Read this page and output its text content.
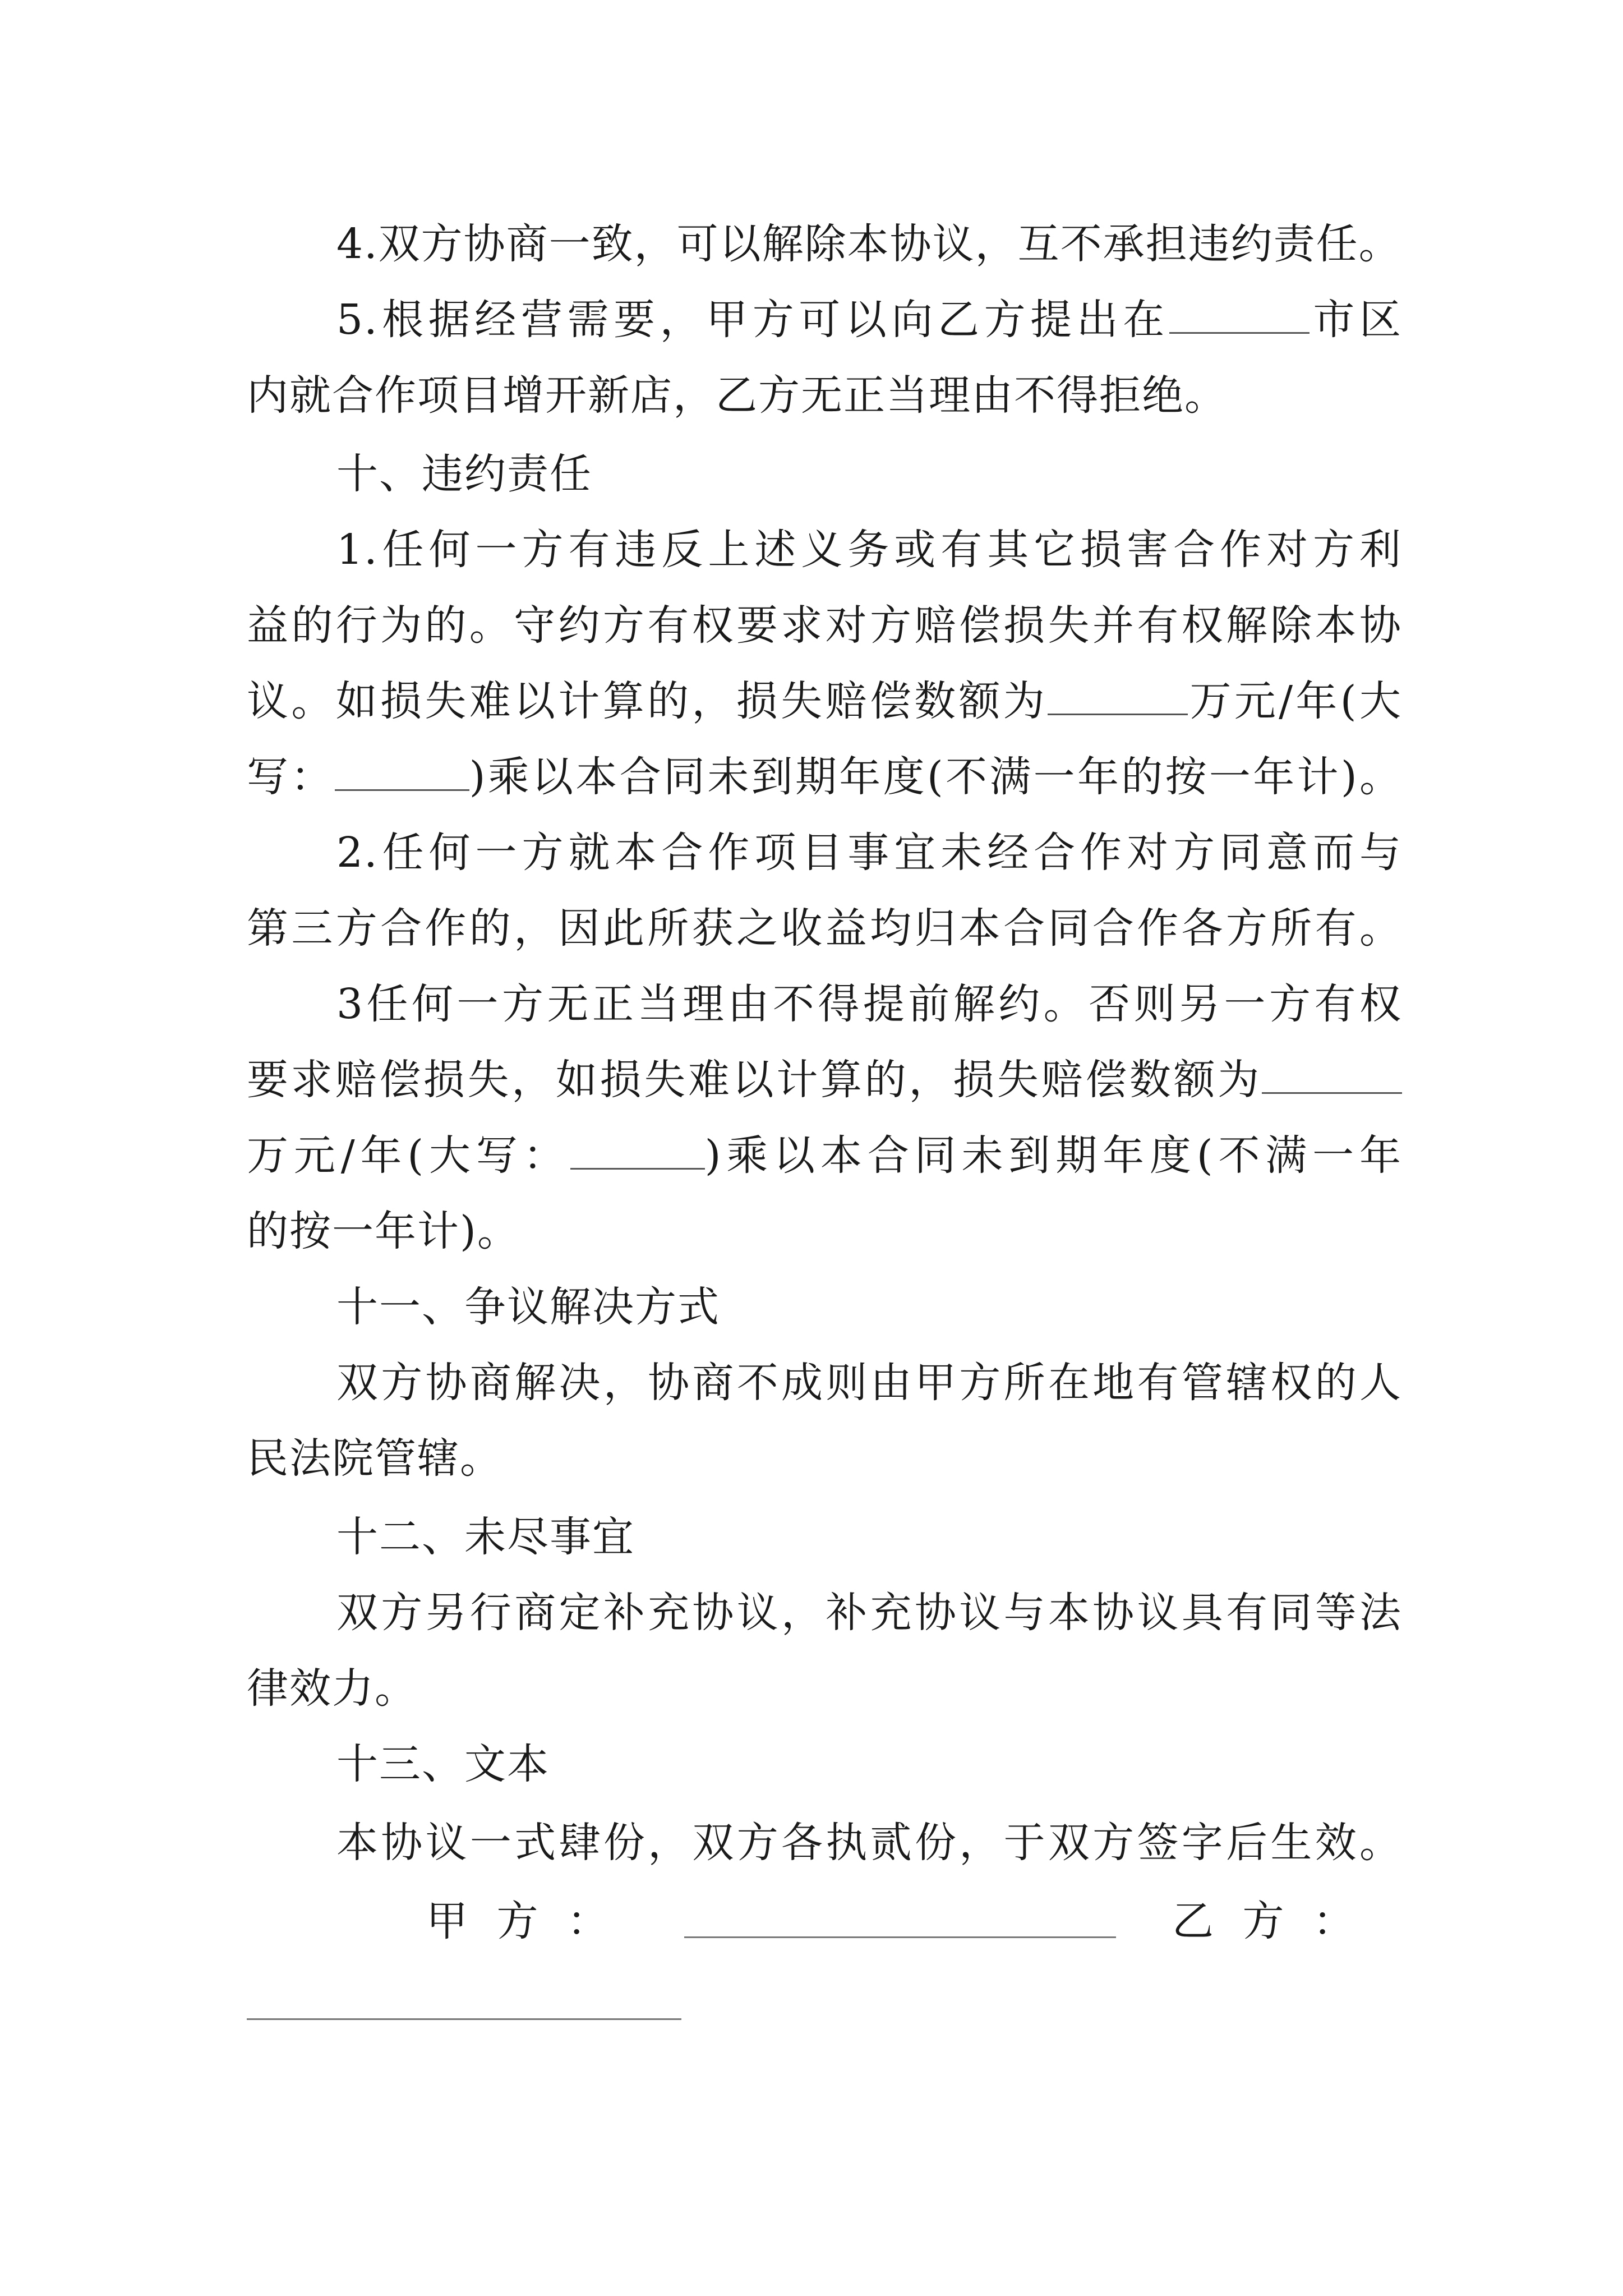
4.双方协商一致，可以解除本协议，互不承担违约责任。
5.根据经营需要，甲方可以向乙方提出在	市区
内就合作项目增开新店，乙方无正当理由不得拒绝。
十、违约责任
1.任何一方有违反上述义务或有其它损害合作对方利
益的行为的。守约方有权要求对方赔偿损失并有权解除本协
议。如损失难以计算的，损失赔偿数额为	万元/年(大
写：	)乘以本合同未到期年度(不满一年的按一年计)。
2.任何一方就本合作项目事宜未经合作对方同意而与
第三方合作的，因此所获之收益均归本合同合作各方所有。
3任何一方无正当理由不得提前解约。否则另一方有权
要求赔偿损失，如损失难以计算的，损失赔偿数额为
万元/年(大写：	)乘以本合同未到期年度(不满一年
的按一年计)。
十一、争议解决方式
双方协商解决，协商不成则由甲方所在地有管辖权的人
民法院管辖。
十二、未尽事宜
双方另行商定补充协议，补充协议与本协议具有同等法
律效力。
十三、文本
本协议一式肆份，双方各执贰份，于双方签字后生效。
甲 方 ：	乙 方 ：
